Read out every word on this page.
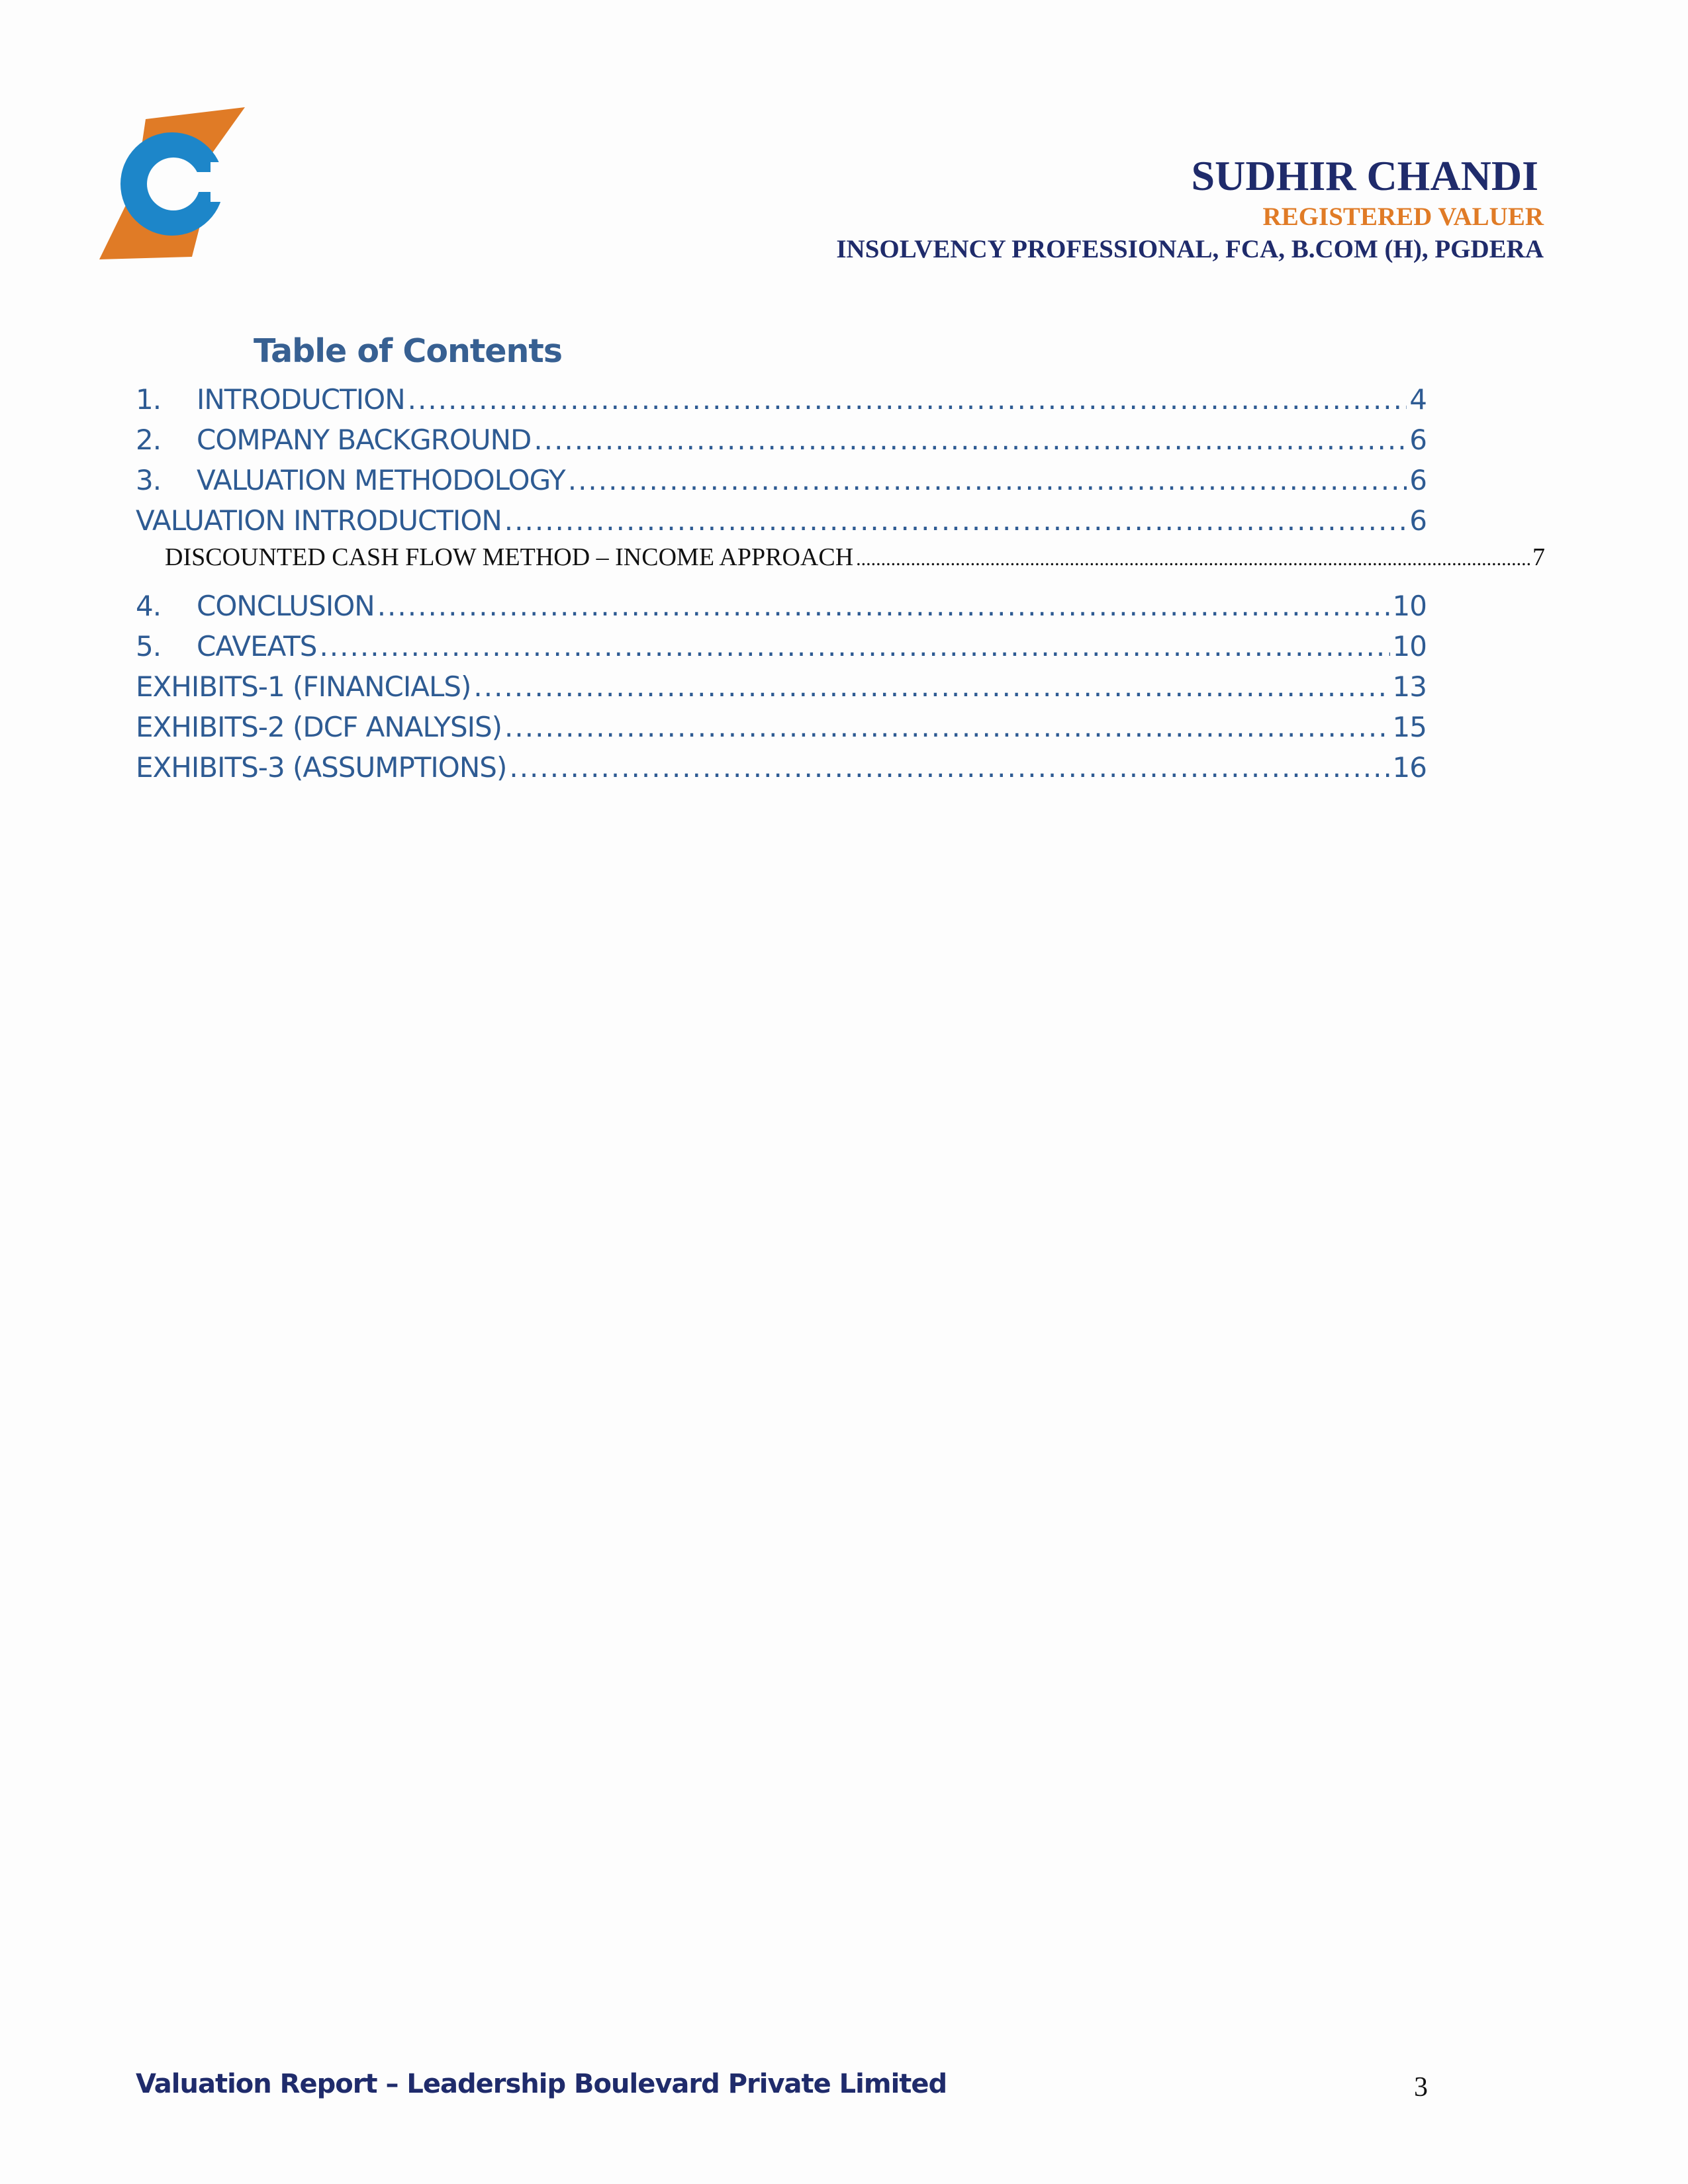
SUDHIR CHANDI
REGISTERED VALUER
INSOLVENCY PROFESSIONAL, FCA, B.COM (H), PGDERA
Table of Contents
1.	INTRODUCTION .....	4
2.	COMPANY BACKGROUND .....	6
3.	VALUATION METHODOLOGY .....	6
VALUATION INTRODUCTION .....	6
DISCOUNTED CASH FLOW METHOD – INCOME APPROACH .....	7
4.	CONCLUSION .....	10
5.	CAVEATS .....	10
EXHIBITS-1 (FINANCIALS) .....	13
EXHIBITS-2 (DCF ANALYSIS) .....	15
EXHIBITS-3 (ASSUMPTIONS) .....	16
Valuation Report – Leadership Boulevard Private Limited	3
